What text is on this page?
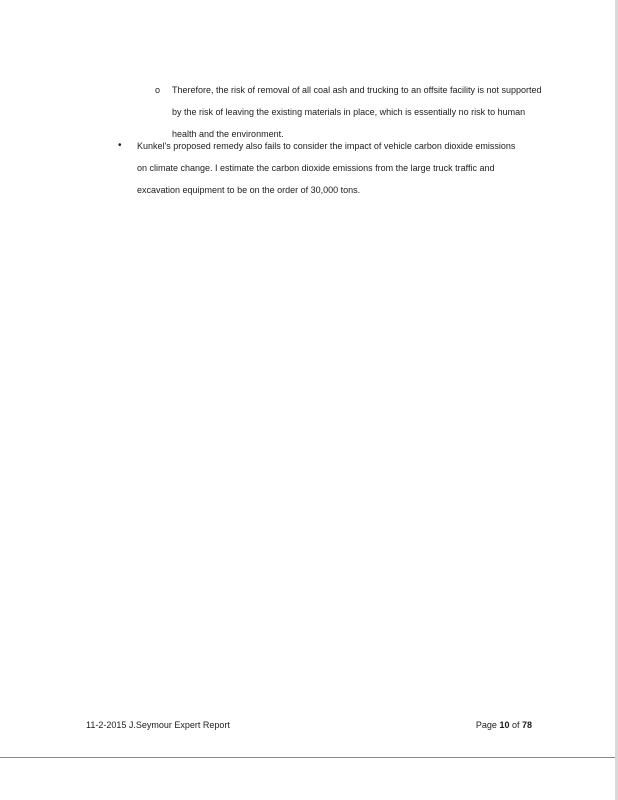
o Therefore, the risk of removal of all coal ash and trucking to an offsite facility is not supported by the risk of leaving the existing materials in place, which is essentially no risk to human health and the environment.
• Kunkel's proposed remedy also fails to consider the impact of vehicle carbon dioxide emissions on climate change. I estimate the carbon dioxide emissions from the large truck traffic and excavation equipment to be on the order of 30,000 tons.
11-2-2015 J.Seymour Expert Report	Page 10 of 78
